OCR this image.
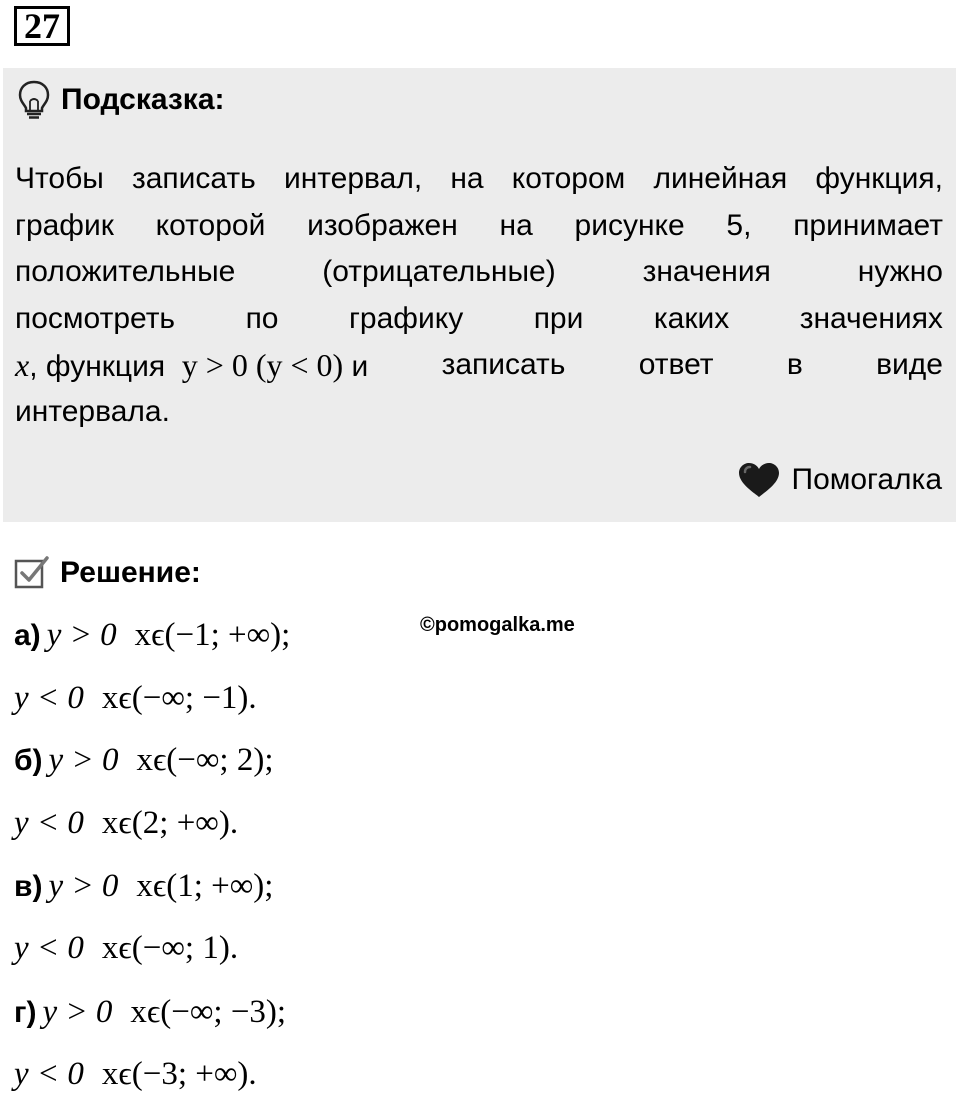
27
Подсказка:
Чтобы записать интервал, на котором линейная функция,
график которой изображен на рисунке 5, принимает
положительные	(отрицательные)	значения	нужно
посмотреть по графику при каких значениях
x, функция y > 0 (y < 0) и записать ответ в виде
интервала.
Помогалка
Решение:
©pomogalka.me
а) y > 0 xϵ(−1; +∞);
y < 0 xϵ(−∞; −1).
б) y > 0 xϵ(−∞; 2);
y < 0 xϵ(2; +∞).
в) y > 0 xϵ(1; +∞);
y < 0 xϵ(−∞; 1).
г) y > 0 xϵ(−∞; −3);
y < 0 xϵ(−3; +∞).
